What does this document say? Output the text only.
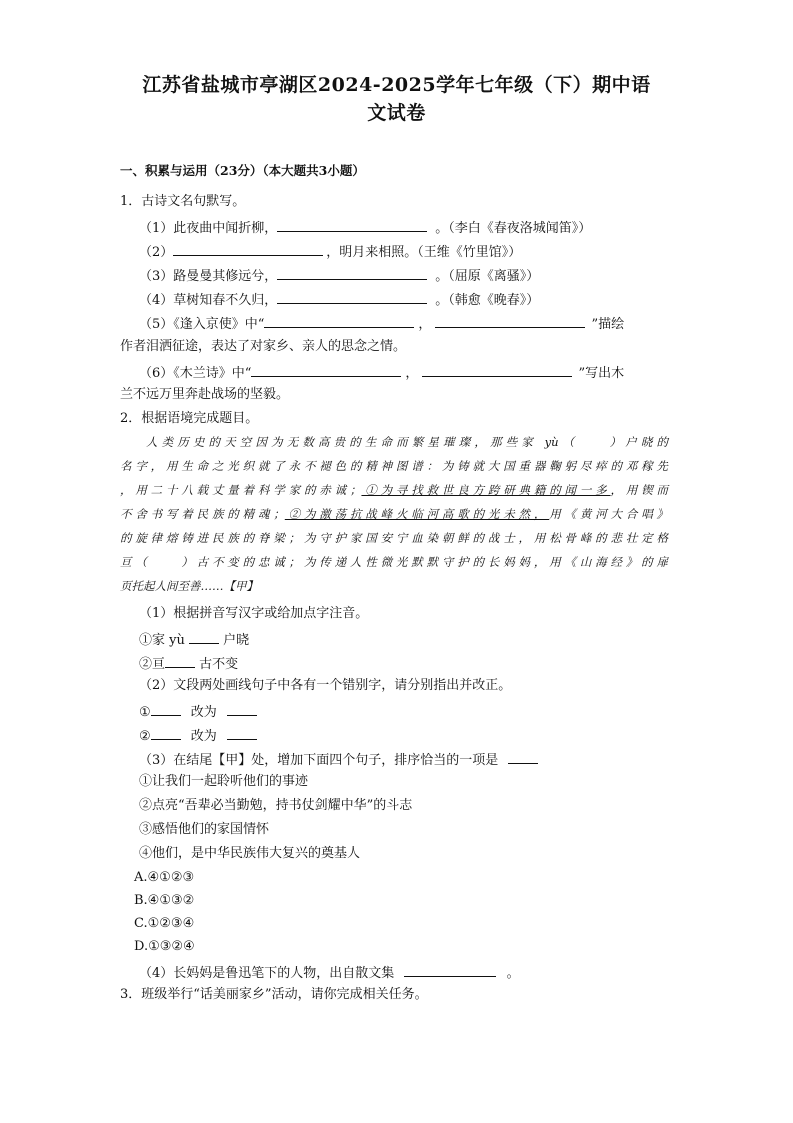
江苏省盐城市亭湖区2024-2025学年七年级（下）期中语
文试卷
一、积累与运用（23分）（本大题共3小题）
1．古诗文名句默写。
（1）此夜曲中闻折柳，	。（李白《春夜洛城闻笛》）
（2）	，明月来相照。（王维《竹里馆》）
（3）路曼曼其修远兮，	。（屈原《离骚》）
（4）草树知春不久归，	。（韩愈《晚春》）
（5）《逢入京使》中“	，	”描绘
作者泪洒征途，表达了对家乡、亲人的思念之情。
（6）《木兰诗》中“	，	”写出木
兰不远万里奔赴战场的坚毅。
2．根据语境完成题目。
人类历史的天空因为无数高贵的生命而繁星璀璨，那些家 yù（　　）户晓的
名字，用生命之光织就了永不褪色的精神图谱：为铸就大国重器鞠躬尽瘁的邓稼先
，用二十八载丈量着科学家的赤诚；①为寻找救世良方跨研典籍的闻一多，用锲而
不舍书写着民族的精魂；②为激荡抗战峰火临河高歌的光未然，用《黄河大合唱》
的旋律熔铸进民族的脊梁；为守护家国安宁血染朝鲜的战士，用松骨峰的悲壮定格
亘（　　）古不变的忠诚；为传递人性微光默默守护的长妈妈，用《山海经》的扉
页托起人间至善……【甲】
（1）根据拼音写汉字或给加点字注音。
①家 yù	户晓
②亘	古不变
（2）文段两处画线句子中各有一个错别字，请分别指出并改正。
①	改为
②	改为
（3）在结尾【甲】处，增加下面四个句子，排序恰当的一项是
①让我们一起聆听他们的事迹
②点亮“吾辈必当勤勉，持书仗剑耀中华”的斗志
③感悟他们的家国情怀
④他们，是中华民族伟大复兴的奠基人
A.④①②③
B.④①③②
C.①②③④
D.①③②④
（4）长妈妈是鲁迅笔下的人物，出自散文集	。
3．班级举行“话美丽家乡”活动，请你完成相关任务。
